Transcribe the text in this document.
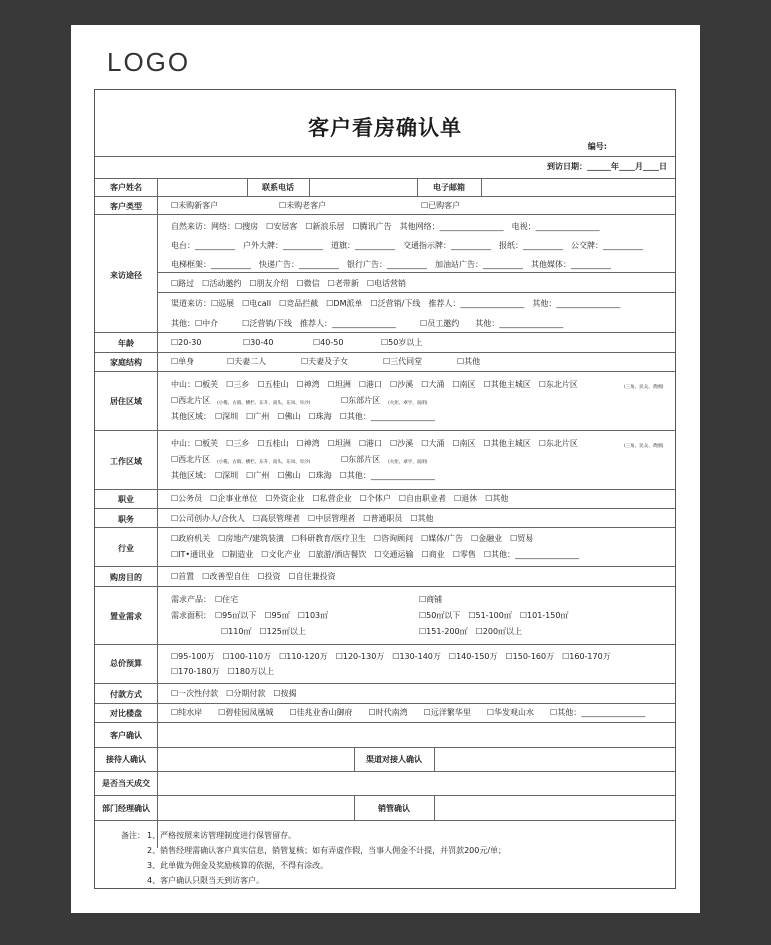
LOGO
客户看房确认单
编号:
到访日期：______年____月____日
客户姓名	联系电话	电子邮箱
客户类型	☐未购新客户	☐未购老客户	☐已购客户
来访途径
自然来访：网络：☐搜房　☐安居客　☐新浪乐居　☐腾讯广告　其他网络：________________　电视：________________
电台：__________　户外大牌：__________　道旗：__________　交通指示牌：__________　报纸：__________　公交牌：__________
电梯框架：__________　快递广告：__________　银行广告：__________　加油站广告：__________　其他媒体：__________
☐路过　☐活动邀约　☐朋友介绍　☐微信　☐老带新　☐电话营销
渠道来访：☐巡展　☐电call　☐竞品拦截　☐DM派单　☐泛营销/下线　推荐人：________________　其他：________________
其他：☐中介　　　☐泛营销/下线　推荐人：________________　　　☐员工邀约　　其他：________________
年龄	☐20-30	☐30-40	☐40-50	☐50岁以上
家庭结构	☐单身	☐夫妻二人	☐夫妻及子女	☐三代同堂	☐其他
居住区域
中山：☐板芙　☐三乡　☐五桂山　☐神湾　☐坦洲　☐港口　☐沙溪　☐大涌　☐南区　☐其他主城区　☐东北片区	(三角、民众、黄圃)
☐西北片区 (小榄、古镇、横栏、东升、南头、东凤、阜沙)	☐东部片区 (火炬、翠亨、南朗)
其他区域：　☐深圳　☐广州　☐佛山　☐珠海　☐其他：________________
工作区域
中山：☐板芙　☐三乡　☐五桂山　☐神湾　☐坦洲　☐港口　☐沙溪　☐大涌　☐南区　☐其他主城区　☐东北片区	(三角、民众、黄圃)
☐西北片区 (小榄、古镇、横栏、东升、南头、东凤、阜沙)	☐东部片区 (火炬、翠亨、南朗)
其他区域：　☐深圳　☐广州　☐佛山　☐珠海　☐其他：________________
职业	☐公务员　☐企事业单位　☐外资企业　☐私营企业　☐个体户　☐自由职业者　☐退休　☐其他
职务	☐公司创办人/合伙人　☐高层管理者　☐中层管理者　☐普通职员　☐其他
行业
☐政府机关　☐房地产/建筑装潢　☐科研教育/医疗卫生　☐咨询顾问　☐媒体/广告　☐金融业　☐贸易
☐IT•通讯业　☐制造业　☐文化产业　☐旅游/酒店餐饮　☐交通运输　☐商业　☐零售　☐其他：________________
购房目的	☐首置　☐改善型自住　☐投资　☐自住兼投资
置业需求
需求产品：　☐住宅	☐商铺
需求面积：　☐95㎡以下　☐95㎡　☐103㎡	☐50㎡以下　☐51-100㎡　☐101-150㎡
☐110㎡　☐125㎡以上	☐151-200㎡　☐200㎡以上
总价预算
☐95-100万　☐100-110万　☐110-120万　☐120-130万　☐130-140万　☐140-150万　☐150-160万　☐160-170万
☐170-180万　☐180万以上
付款方式	☐一次性付款　☐分期付款　☐按揭
对比楼盘	☐纯水岸　　☐碧桂园凤凰城　　☐佳兆业香山御府　　☐时代南湾　　☐远洋繁华里　　☐华发观山水　　☐其他：________________
客户确认
接待人确认	渠道对接人确认
是否当天成交
部门经理确认	销管确认
备注： 1、严格按照来访管理制度进行保管留存。
2、销售经理需确认客户真实信息，销管复核；如有弄虚作假，当事人佣金不计提，并罚款200元/单；
3、此单做为佣金及奖励核算的依据，不得有涂改。
4、客户确认只限当天到访客户。
